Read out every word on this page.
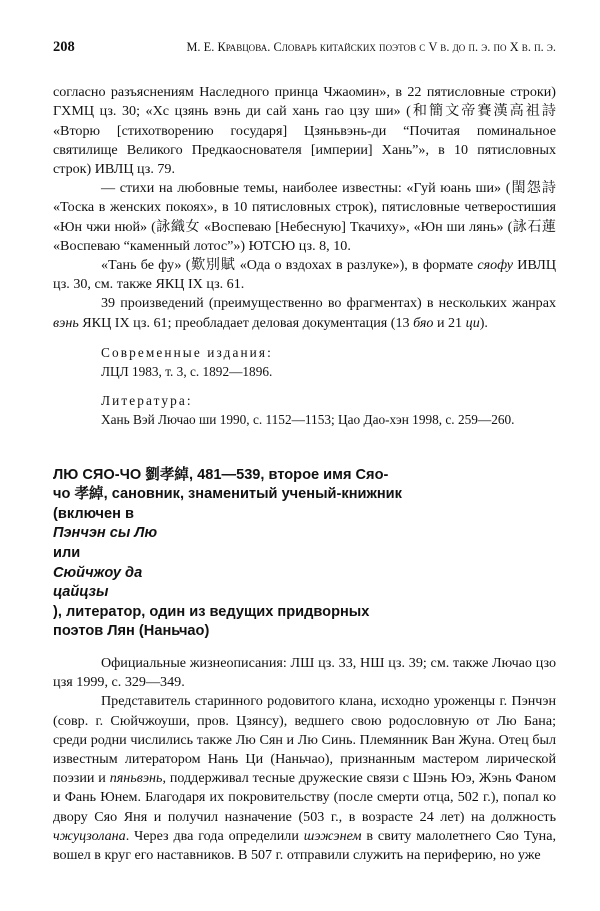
208	М. Е. Кравцова. Словарь китайских поэтов с V в. до п. э. по X в. п. э.

согласно разъяснениям Наследного принца Чжаомин», в 22 пятисловные строки) ГХМЦ цз. 30; «Хс цзянь вэнь ди сай хань гао цзу ши» (和簡文帝賽漢高祖詩 «Вторю [стихотворению государя] Цзяньвэнь-ди “Почитая поминальное святилище Великого Предкаоснователя [империи] Хань”», в 10 пятисловных строк) ИВЛЦ цз. 79.

— стихи на любовные темы, наиболее известны: «Гуй юань ши» (閨怨詩 «Тоска в женских покоях», в 10 пятисловных строк), пятисловные четверостишия «Юн чжи нюй» (詠織女 «Воспеваю [Небесную] Ткачиху», «Юн ши лянь» (詠石蓮 «Воспеваю “каменный лотос”») ЮТСЮ цз. 8, 10.

«Тань бе фу» (歎別賦 «Ода о вздохах в разлуке»), в формате сяофу ИВЛЦ цз. 30, см. также ЯКЦ IX цз. 61.

39 произведений (преимущественно во фрагментах) в нескольких жанрах вэнь ЯКЦ IX цз. 61; преобладает деловая документация (13 бяо и 21 ци).

Современные издания:
ЛЦЛ 1983, т. 3, с. 1892—1896.
Литература:

Хань Вэй Лючао ши 1990, с. 1152—1153; Цао Дао-хэн 1998, с. 259—260.

ЛЮ СЯО-ЧО 劉孝綽, 481—539, второе имя Сяо-
чо 孝綽, сановник, знаменитый ученый-книжник
(включен в
Пэнчэн сы Лю
или
Сюйчжоу да
цайцзы
), литератор, один из ведущих придворных
поэтов Лян (Наньчао)

Официальные жизнеописания: ЛШ цз. 33, НШ цз. 39; см. также Лючао цзо цзя 1999, с. 329—349.

Представитель старинного родовитого клана, исходно уроженцы г. Пэнчэн (совр. г. Сюйчжоуши, пров. Цзянсу), ведшего свою родословную от Лю Бана; среди родни числились также Лю Сян и Лю Синь. Племянник Ван Жуна. Отец был известным литератором Нань Ци (Наньчао), признанным мастером лирической поэзии и пяньвэнь, поддерживал тесные дружеские связи с Шэнь Юэ, Жэнь Фаном и Фань Юнем. Благодаря их покровительству (после смерти отца, 502 г.), попал ко двору Сяо Яня и получил назначение (503 г., в возрасте 24 лет) на должность чжуцзолана. Через два года определили шэжэнем в свиту малолетнего Сяо Туна, вошел в круг его наставников. В 507 г. отправили служить на периферию, но уже
